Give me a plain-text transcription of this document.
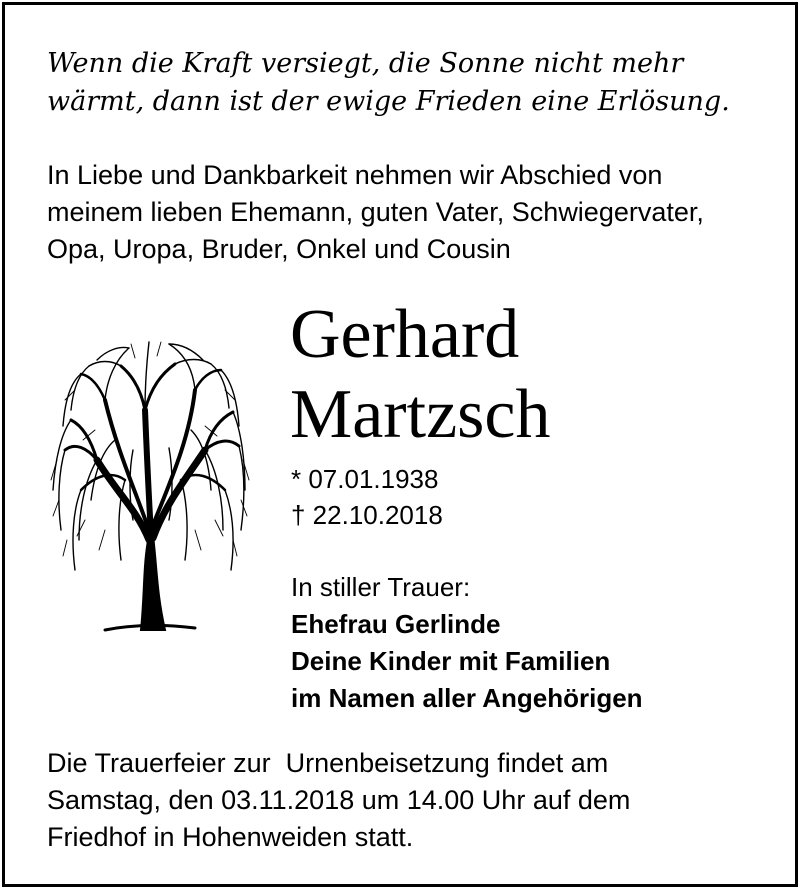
Wenn die Kraft versiegt, die Sonne nicht mehr
wärmt, dann ist der ewige Frieden eine Erlösung.
In Liebe und Dankbarkeit nehmen wir Abschied von
meinem lieben Ehemann, guten Vater, Schwiegervater,
Opa, Uropa, Bruder, Onkel und Cousin
Gerhard
Martzsch
* 07.01.1938
† 22.10.2018
In stiller Trauer:
Ehefrau Gerlinde
Deine Kinder mit Familien
im Namen aller Angehörigen
Die Trauerfeier zur  Urnenbeisetzung findet am
Samstag, den 03.11.2018 um 14.00 Uhr auf dem
Friedhof in Hohenweiden statt.
